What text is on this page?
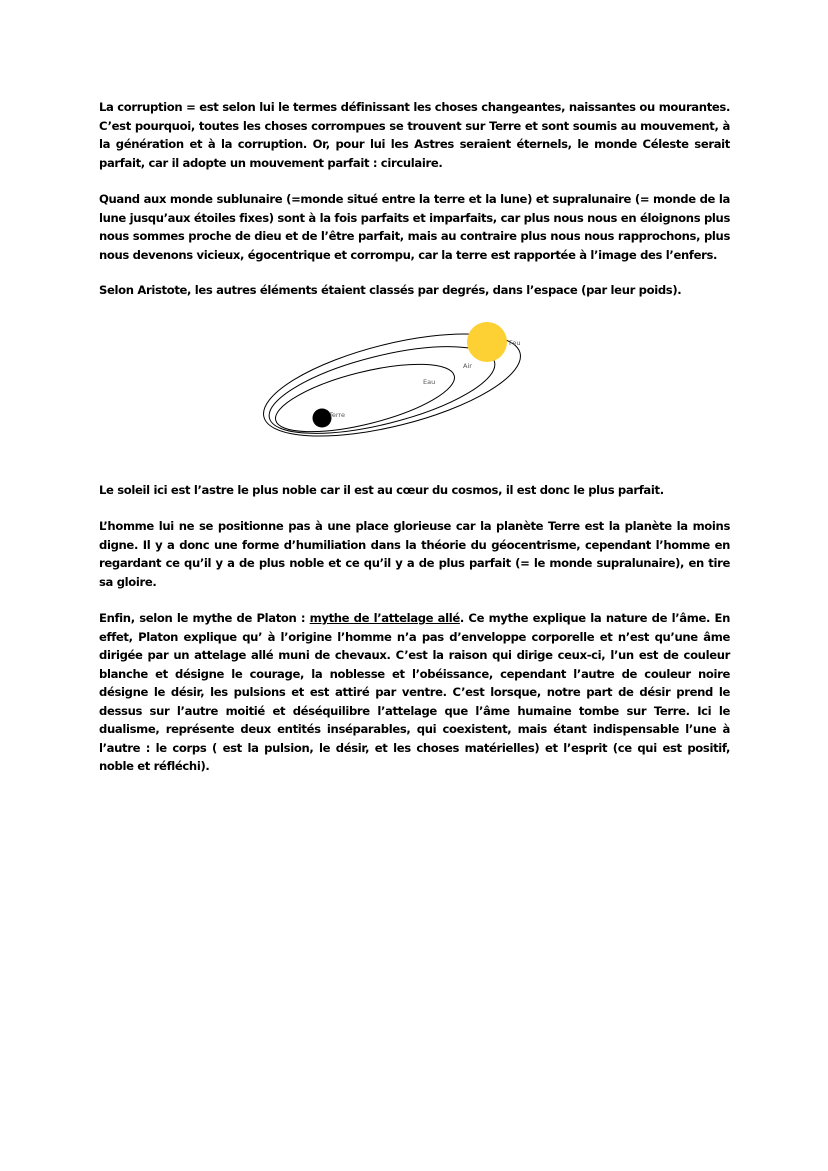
La corruption = est selon lui le termes définissant les choses changeantes, naissantes ou mourantes. C’est pourquoi, toutes les choses corrompues se trouvent sur Terre et sont soumis au mouvement, à la génération et à la corruption. Or, pour lui les Astres seraient éternels, le monde Céleste serait parfait, car il adopte un mouvement parfait : circulaire.

Quand aux monde sublunaire (=monde situé entre la terre et la lune) et supralunaire (= monde de la lune jusqu’aux étoiles fixes) sont à la fois parfaits et imparfaits, car plus nous nous en éloignons plus nous sommes proche de dieu et de l’être parfait, mais au contraire plus nous nous rapprochons, plus nous devenons vicieux, égocentrique et corrompu, car la terre est rapportée à l’image des l’enfers.

Selon Aristote, les autres éléments étaient classés par degrés, dans l’espace (par leur poids).

Feu
Air
Eau
Terre

Le soleil ici est l’astre le plus noble car il est au cœur du cosmos, il est donc le plus parfait.

L’homme lui ne se positionne pas à une place glorieuse car la planète Terre est la planète la moins digne. Il y a donc une forme d’humiliation dans la théorie du géocentrisme, cependant l’homme en regardant ce qu’il y a de plus noble et ce qu’il y a de plus parfait (= le monde supralunaire), en tire sa gloire.

Enfin, selon le mythe de Platon : mythe de l’attelage allé. Ce mythe explique la nature de l’âme. En effet, Platon explique qu’ à l’origine l’homme n’a pas d’enveloppe corporelle et n’est qu’une âme dirigée par un attelage allé muni de chevaux. C’est la raison qui dirige ceux-ci, l’un est de couleur blanche et désigne le courage, la noblesse et l’obéissance, cependant l’autre de couleur noire désigne le désir, les pulsions et est attiré par ventre. C’est lorsque, notre part de désir prend le dessus sur l’autre moitié et déséquilibre l’attelage que l’âme humaine tombe sur Terre. Ici le dualisme, représente deux entités inséparables, qui coexistent, mais étant indispensable l’une à l’autre : le corps ( est la pulsion, le désir, et les choses matérielles) et l’esprit (ce qui est positif, noble et réfléchi).
